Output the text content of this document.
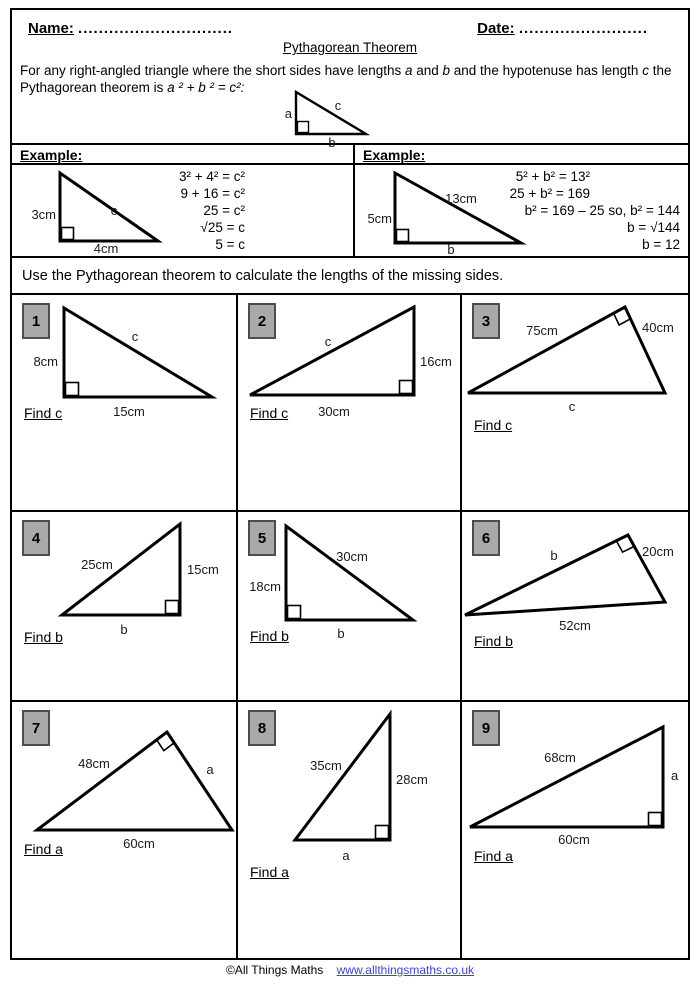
Name: ..............................	Date: .........................
Pythagorean Theorem
For any right-angled triangle where the short sides have lengths a and b and the hypotenuse has length c the Pythagorean theorem is a ² + b ² = c²:
a
c
b
Example:
3cm	c
4cm
3² + 4² = c²
9 + 16 = c²
25 = c²
√25 = c
5 = c
Example:
5cm
13cm
b
5² + b² = 13²
25 + b² = 169
b² = 169 – 25 so, b² = 144
b = √144
b = 12
Use the Pythagorean theorem to calculate the lengths of the missing sides.
1
8cm
c
15cm
Find c
2
c
16cm
30cm
Find c
3
75cm	40cm
c
Find c
4
25cm	15cm
b
Find b
5
18cm
30cm
b
Find b
6
b	20cm
52cm
Find b
7
48cm	a
60cm
Find a
8
35cm
28cm
a
Find a
9
68cm
a
60cm
Find a
©All Things Maths www.allthingsmaths.co.uk
